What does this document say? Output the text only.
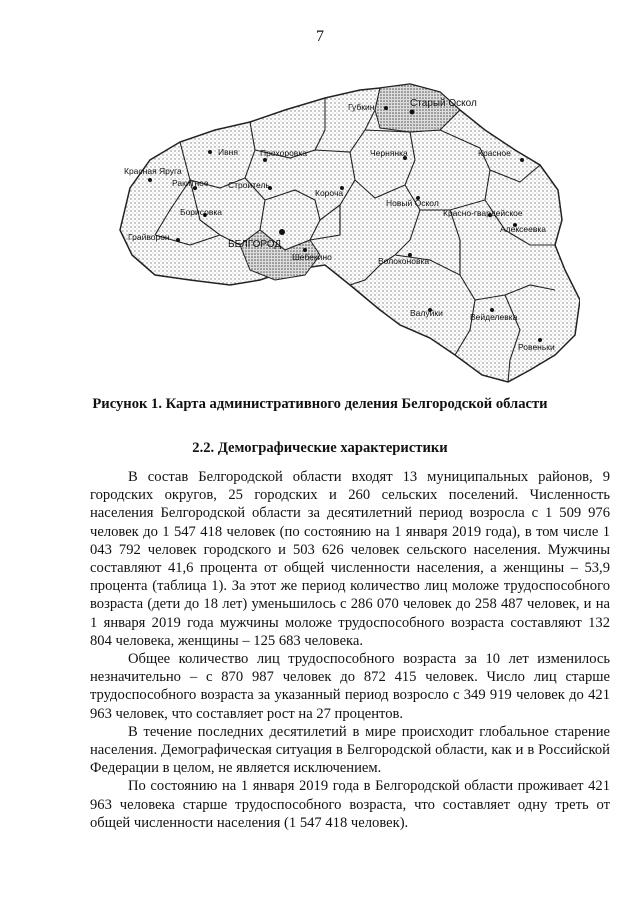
7
Губкин	Старый Оскол
Ивня	Прохоровка	Чернянка	Красное
Красная Яруга
Ракитное Строитель
Короча
Новый Оскол
Красно-гвардейское
Алексеевка
Борисовка
Грайворон
БЕЛГОРОД
Шебекино	Волоконовка
Валуйки	Вейделевка
Ровеньки
Рисунок 1. Карта административного деления Белгородской области
2.2. Демографические характеристики

В состав Белгородской области входят 13 муниципальных районов, 9 городских округов, 25 городских и 260 сельских поселений. Численность населения Белгородской области за десятилетний период возросла с 1 509 976 человек до 1 547 418 человек (по состоянию на 1 января 2019 года), в том числе 1 043 792 человек городского и 503 626 человек сельского населения. Мужчины составляют 41,6 процента от общей численности населения, а женщины – 53,9 процента (таблица 1). За этот же период количество лиц моложе трудоспособного возраста (дети до 18 лет) уменьшилось с 286 070 человек до 258 487 человек, и на 1 января 2019 года мужчины моложе трудоспособного возраста составляют 132 804 человека, женщины – 125 683 человека.

Общее количество лиц трудоспособного возраста за 10 лет изменилось незначительно – с 870 987 человек до 872 415 человек. Число лиц старше трудоспособного возраста за указанный период возросло с 349 919 человек до 421 963 человек, что составляет рост на 27 процентов.

В течение последних десятилетий в мире происходит глобальное старение населения. Демографическая ситуация в Белгородской области, как и в Российской Федерации в целом, не является исключением.

По состоянию на 1 января 2019 года в Белгородской области проживает 421 963 человека старше трудоспособного возраста, что составляет одну треть от общей численности населения (1 547 418 человек).
